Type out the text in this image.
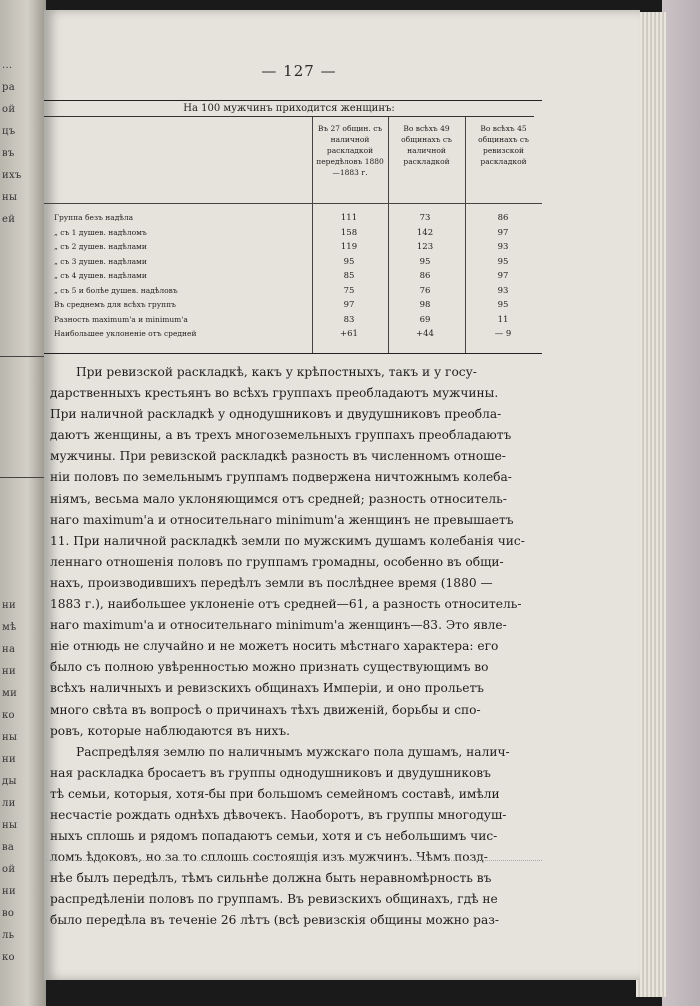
...
ра
ой
цъ
въ
ихъ
ны
ей
ни
мѣ
на
ни
ми
ко
ны
ни
ды
ли
ны
ва
ой
ни
во
ль
ко
— 127 —
На 100 мужчинъ приходится женщинъ:
Въ 27 общин. съ наличной раскладкой передѣловъ 1880—1883 г.
Во всѣхъ 49 общинахъ съ наличной раскладкой
Во всѣхъ 45 общинахъ съ ревизской раскладкой
Группа безъ надѣла	111	73	86
„ съ 1 душев. надѣломъ	158	142	97
„ съ 2 душев. надѣлами	119	123	93
„ съ 3 душев. надѣлами	95	95	95
„ съ 4 душев. надѣлами	85	86	97
„ съ 5 и болѣе душев. надѣловъ	75	76	93
Въ среднемъ для всѣхъ группъ	97	98	95
Разность maximum'a и minimum'a	83	69	11
Наибольшее уклоненіе отъ средней	+61	+44	— 9
При ревизской раскладкѣ, какъ у крѣпостныхъ, такъ и у госу-
дарственныхъ крестьянъ во всѣхъ группахъ преобладаютъ мужчины.
При наличной раскладкѣ у однодушниковъ и двудушниковъ преобла-
даютъ женщины, а въ трехъ многоземельныхъ группахъ преобладаютъ
мужчины. При ревизской раскладкѣ разность въ численномъ отноше-
ніи половъ по земельнымъ группамъ подвержена ничтожнымъ колеба-
ніямъ, весьма мало уклоняющимся отъ средней; разность относитель-
наго maximum'a и относительнаго minimum'a женщинъ не превышаетъ
11. При наличной раскладкѣ земли по мужскимъ душамъ колебанія чис-
леннаго отношенія половъ по группамъ громадны, особенно въ общи-
нахъ, производившихъ передѣлъ земли въ послѣднее время (1880 —
1883 г.), наибольшее уклоненіе отъ средней—61, а разность относитель-
наго maximum'a и относительнаго minimum'a женщинъ—83. Это явле-
ніе отнюдь не случайно и не можетъ носить мѣстнаго характера: его
было съ полною увѣренностью можно признать существующимъ во
всѣхъ наличныхъ и ревизскихъ общинахъ Имперіи, и оно прольетъ
много свѣта въ вопросѣ о причинахъ тѣхъ движеній, борьбы и спо-
ровъ, которые наблюдаются въ нихъ.
Распредѣляя землю по наличнымъ мужскаго пола душамъ, налич-
ная раскладка бросаетъ въ группы однодушниковъ и двудушниковъ
тѣ семьи, которыя, хотя-бы при большомъ семейномъ составѣ, имѣли
несчастіе рождать однѣхъ дѣвочекъ. Наоборотъ, въ группы многодуш-
ныхъ сплошь и рядомъ попадаютъ семьи, хотя и съ небольшимъ чис-
ломъ ѣдоковъ, но за то сплошь состоящія изъ мужчинъ. Чѣмъ позд-
нѣе былъ передѣлъ, тѣмъ сильнѣе должна быть неравномѣрность въ
распредѣленіи половъ по группамъ. Въ ревизскихъ общинахъ, гдѣ не
было передѣла въ теченіе 26 лѣтъ (всѣ ревизскія общины можно раз-
